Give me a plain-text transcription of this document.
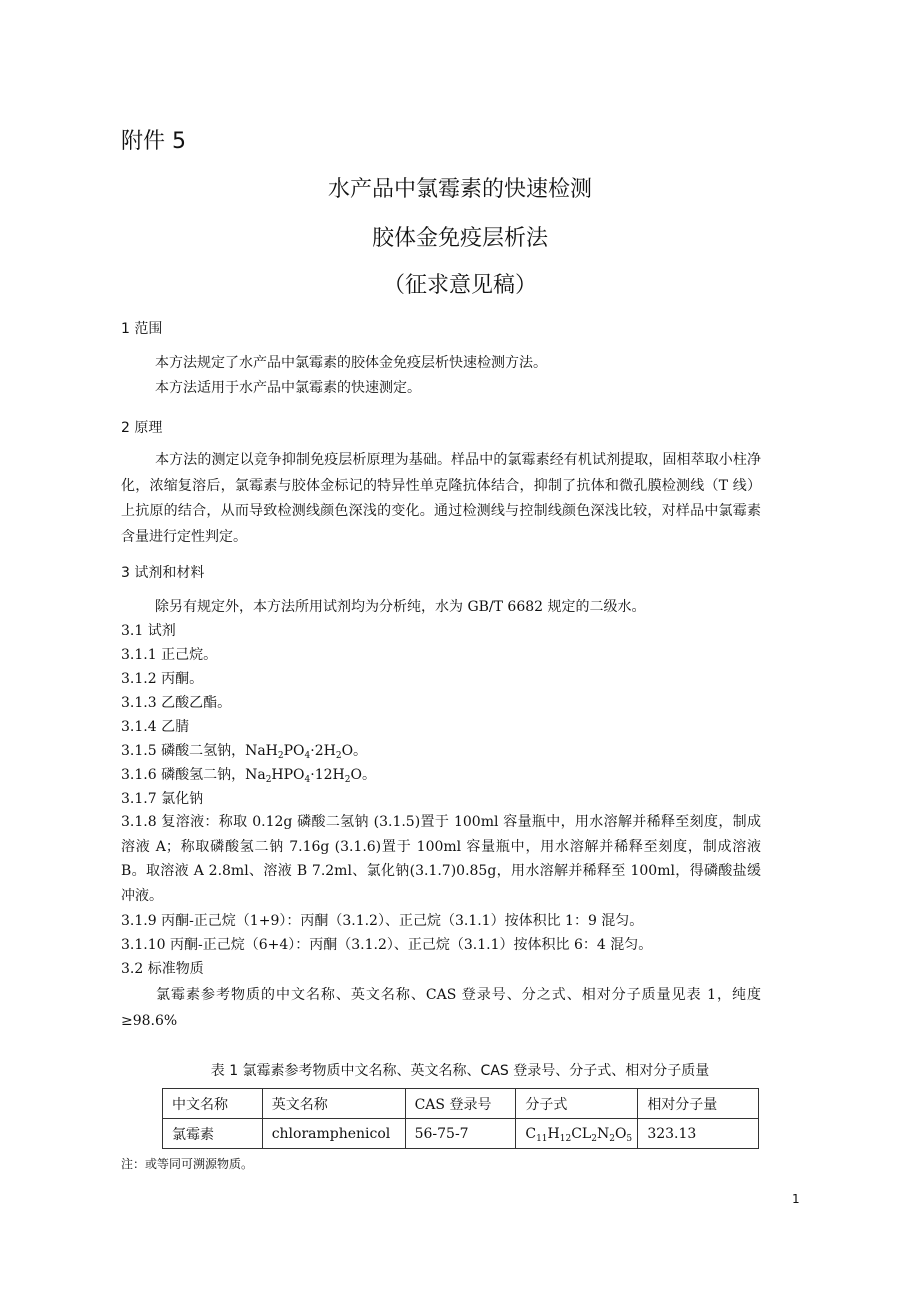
附件 5
水产品中氯霉素的快速检测
胶体金免疫层析法
（征求意见稿）
1 范围
本方法规定了水产品中氯霉素的胶体金免疫层析快速检测方法。
本方法适用于水产品中氯霉素的快速测定。
2 原理
本方法的测定以竞争抑制免疫层析原理为基础。样品中的氯霉素经有机试剂提取，固相萃取小柱净化，浓缩复溶后，氯霉素与胶体金标记的特异性单克隆抗体结合，抑制了抗体和微孔膜检测线（T 线）上抗原的结合，从而导致检测线颜色深浅的变化。通过检测线与控制线颜色深浅比较，对样品中氯霉素含量进行定性判定。
3 试剂和材料
除另有规定外，本方法所用试剂均为分析纯，水为 GB/T 6682 规定的二级水。
3.1 试剂
3.1.1 正己烷。
3.1.2 丙酮。
3.1.3 乙酸乙酯。
3.1.4 乙腈
3.1.5 磷酸二氢钠，$NaH_2PO_4\cdot 2H_2O$。
3.1.6 磷酸氢二钠，$Na_2HPO_4\cdot 12H_2O$。
3.1.7 氯化钠
3.1.8 复溶液：称取 0.12g 磷酸二氢钠 (3.1.5)置于 100ml 容量瓶中，用水溶解并稀释至刻度，制成溶液 A；称取磷酸氢二钠 7.16g (3.1.6)置于 100ml 容量瓶中，用水溶解并稀释至刻度，制成溶液 B。取溶液 A 2.8ml、溶液 B 7.2ml、氯化钠(3.1.7)0.85g，用水溶解并稀释至 100ml，得磷酸盐缓冲液。
3.1.9 丙酮-正己烷（1+9）：丙酮（3.1.2）、正己烷（3.1.1）按体积比 1：9 混匀。
3.1.10 丙酮-正己烷（6+4）：丙酮（3.1.2）、正己烷（3.1.1）按体积比 6：4 混匀。
3.2 标准物质
氯霉素参考物质的中文名称、英文名称、CAS 登录号、分之式、相对分子质量见表 1，纯度≥98.6%
表 1 氯霉素参考物质中文名称、英文名称、CAS 登录号、分子式、相对分子质量
中文名称	英文名称	CAS 登录号	分子式	相对分子量
氯霉素	chloramphenicol	56-75-7	$C_{11}H_{12}CL_2N_2O_5$	323.13
注：或等同可溯源物质。
1
